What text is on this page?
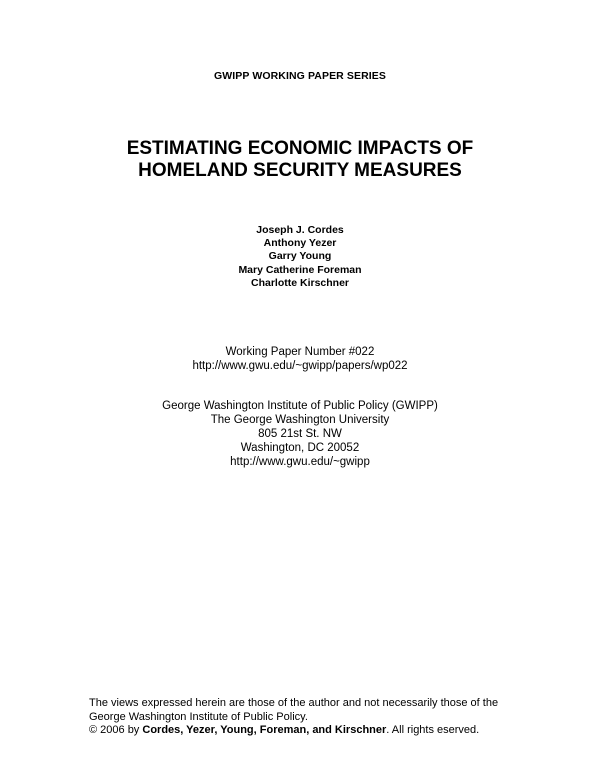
GWIPP WORKING PAPER SERIES
ESTIMATING ECONOMIC IMPACTS OF
HOMELAND SECURITY MEASURES
Joseph J. Cordes
Anthony Yezer
Garry Young
Mary Catherine Foreman
Charlotte Kirschner
Working Paper Number #022
http://www.gwu.edu/~gwipp/papers/wp022
George Washington Institute of Public Policy (GWIPP)
The George Washington University
805 21st St. NW
Washington, DC 20052
http://www.gwu.edu/~gwipp
The views expressed herein are those of the author and not necessarily those of the
George Washington Institute of Public Policy.
© 2006 by Cordes, Yezer, Young, Foreman, and Kirschner. All rights eserved.
